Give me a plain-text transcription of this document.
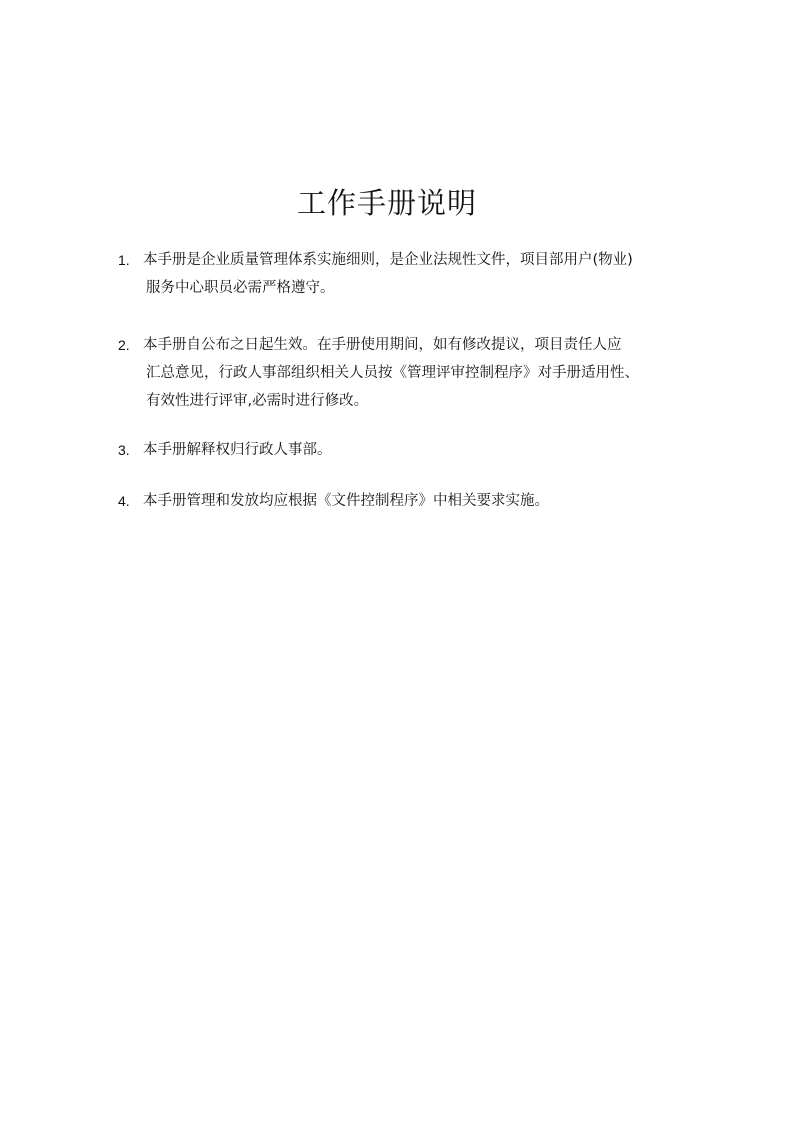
工作手册说明
1. 本手册是企业质量管理体系实施细则，是企业法规性文件，项目部用户(物业)
服务中心职员必需严格遵守。
2. 本手册自公布之日起生效。在手册使用期间，如有修改提议，项目责任人应
汇总意见，行政人事部组织相关人员按《管理评审控制程序》对手册适用性、
有效性进行评审,必需时进行修改。
3. 本手册解释权归行政人事部。
4. 本手册管理和发放均应根据《文件控制程序》中相关要求实施。
